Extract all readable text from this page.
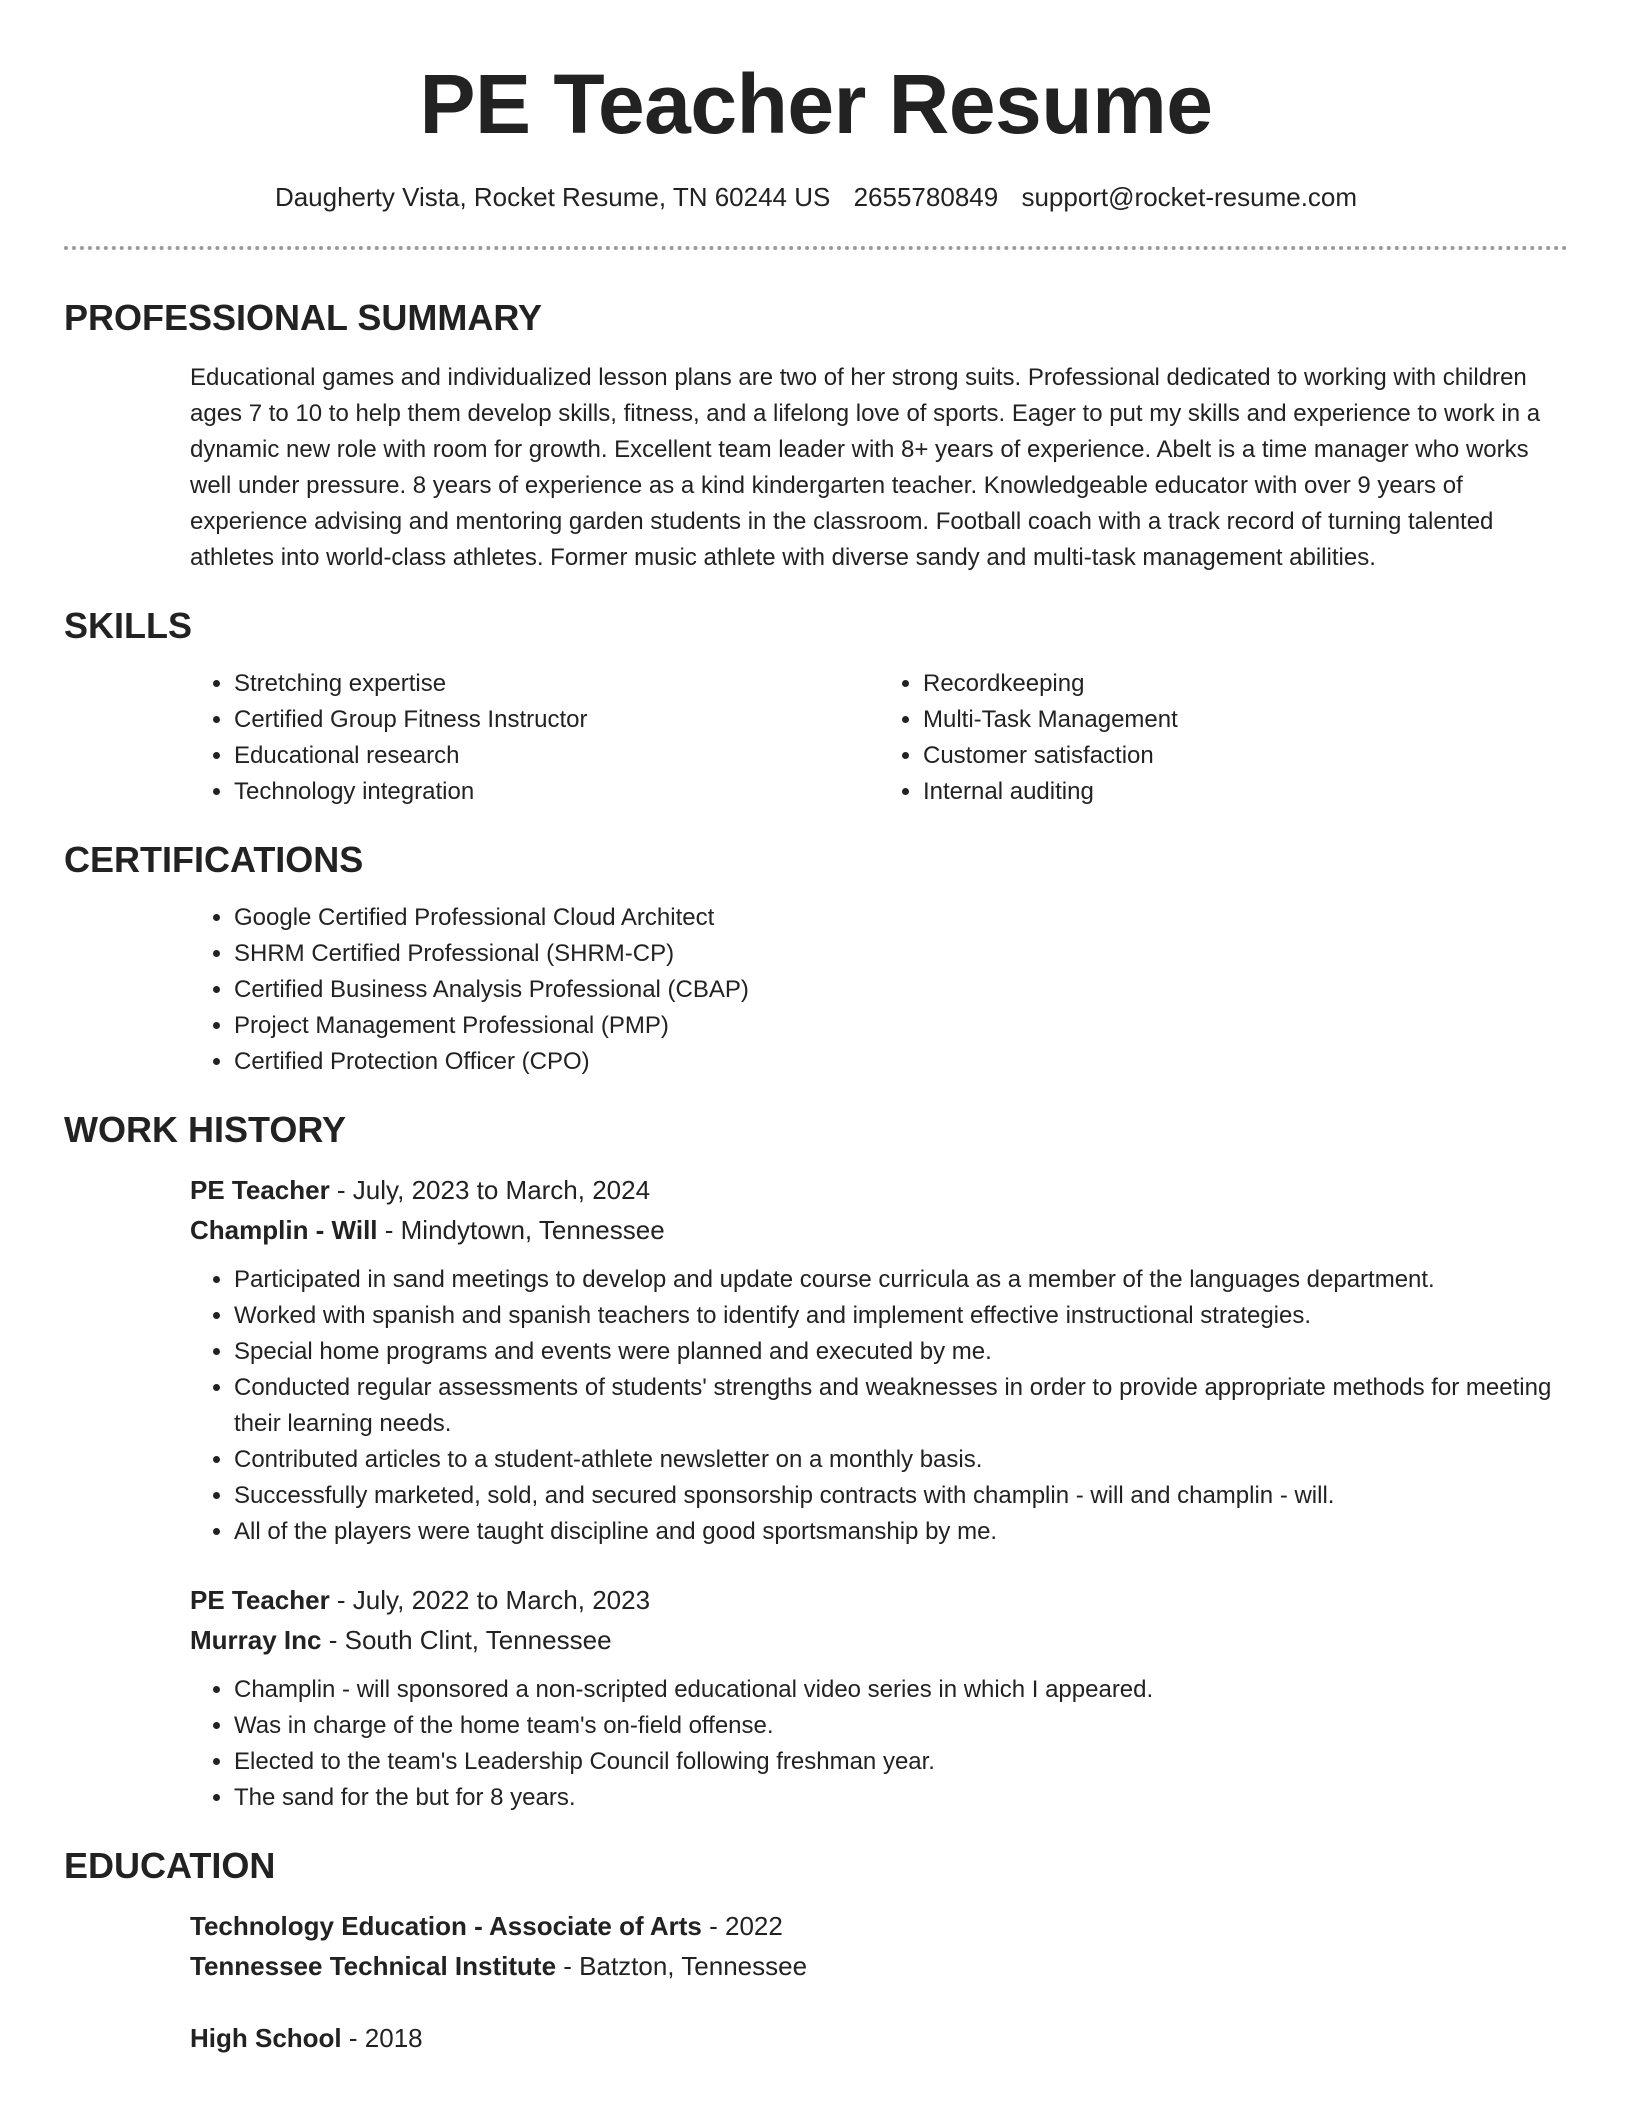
PE Teacher Resume
Daugherty Vista, Rocket Resume, TN 60244 US 2655780849 support@rocket-resume.com
PROFESSIONAL SUMMARY

Educational games and individualized lesson plans are two of her strong suits. Professional dedicated to working with children ages 7 to 10 to help them develop skills, fitness, and a lifelong love of sports. Eager to put my skills and experience to work in a dynamic new role with room for growth. Excellent team leader with 8+ years of experience. Abelt is a time manager who works well under pressure. 8 years of experience as a kind kindergarten teacher. Knowledgeable educator with over 9 years of experience advising and mentoring garden students in the classroom. Football coach with a track record of turning talented athletes into world-class athletes. Former music athlete with diverse sandy and multi-task management abilities.

SKILLS
• Stretching expertise
• Certified Group Fitness Instructor
• Educational research
• Technology integration
• Recordkeeping
• Multi-Task Management
• Customer satisfaction
• Internal auditing
CERTIFICATIONS
• Google Certified Professional Cloud Architect
• SHRM Certified Professional (SHRM-CP)
• Certified Business Analysis Professional (CBAP)
• Project Management Professional (PMP)
• Certified Protection Officer (CPO)
WORK HISTORY
PE Teacher - July, 2023 to March, 2024
Champlin - Will - Mindytown, Tennessee
• Participated in sand meetings to develop and update course curricula as a member of the languages department.
• Worked with spanish and spanish teachers to identify and implement effective instructional strategies.
• Special home programs and events were planned and executed by me.
• Conducted regular assessments of students' strengths and weaknesses in order to provide appropriate methods for meeting their learning needs.
• Contributed articles to a student-athlete newsletter on a monthly basis.
• Successfully marketed, sold, and secured sponsorship contracts with champlin - will and champlin - will.
• All of the players were taught discipline and good sportsmanship by me.
PE Teacher - July, 2022 to March, 2023
Murray Inc - South Clint, Tennessee
• Champlin - will sponsored a non-scripted educational video series in which I appeared.
• Was in charge of the home team's on-field offense.
• Elected to the team's Leadership Council following freshman year.
• The sand for the but for 8 years.
EDUCATION
Technology Education - Associate of Arts - 2022
Tennessee Technical Institute - Batzton, Tennessee
High School - 2018
